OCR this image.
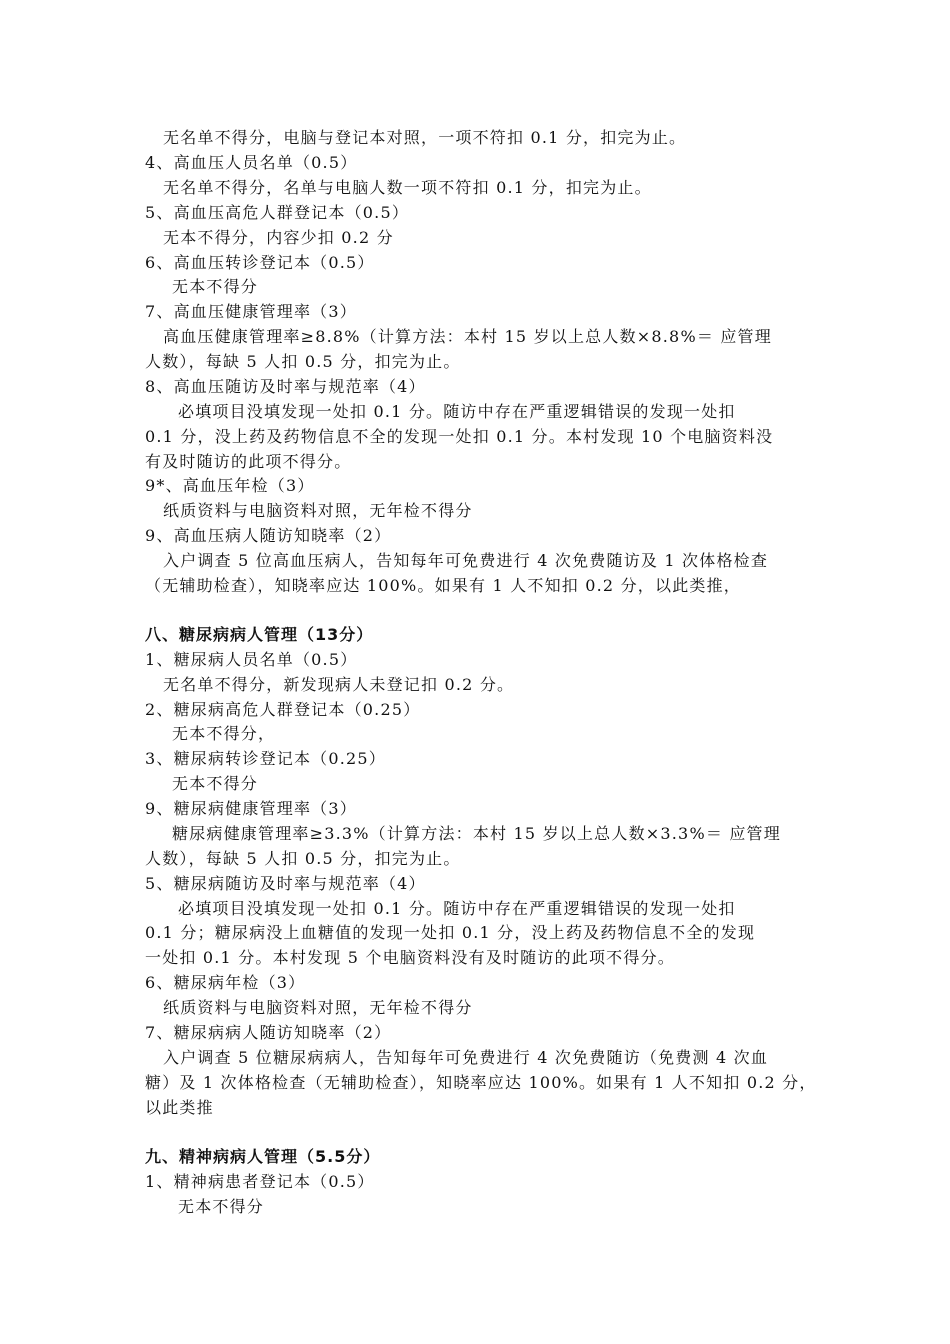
无名单不得分，电脑与登记本对照，一项不符扣 0.1 分，扣完为止。
4、高血压人员名单（0.5）
无名单不得分，名单与电脑人数一项不符扣 0.1 分，扣完为止。
5、高血压高危人群登记本（0.5）
无本不得分，内容少扣 0.2 分
6、高血压转诊登记本（0.5）
无本不得分
7、高血压健康管理率（3）
高血压健康管理率≥8.8%（计算方法：本村 15 岁以上总人数×8.8%＝ 应管理
人数），每缺 5 人扣 0.5 分，扣完为止。
8、高血压随访及时率与规范率（4）
必填项目没填发现一处扣 0.1 分。随访中存在严重逻辑错误的发现一处扣
0.1 分，没上药及药物信息不全的发现一处扣 0.1 分。本村发现 10 个电脑资料没
有及时随访的此项不得分。
9*、高血压年检（3）
纸质资料与电脑资料对照，无年检不得分
9、高血压病人随访知晓率（2）
入户调查 5 位高血压病人，告知每年可免费进行 4 次免费随访及 1 次体格检查
（无辅助检查），知晓率应达 100%。如果有 1 人不知扣 0.2 分，以此类推，
八、糖尿病病人管理（13分）
1、糖尿病人员名单（0.5）
无名单不得分，新发现病人未登记扣 0.2 分。
2、糖尿病高危人群登记本（0.25）
无本不得分，
3、糖尿病转诊登记本（0.25）
无本不得分
9、糖尿病健康管理率（3）
糖尿病健康管理率≥3.3%（计算方法：本村 15 岁以上总人数×3.3%＝ 应管理
人数），每缺 5 人扣 0.5 分，扣完为止。
5、糖尿病随访及时率与规范率（4）
必填项目没填发现一处扣 0.1 分。随访中存在严重逻辑错误的发现一处扣
0.1 分；糖尿病没上血糖值的发现一处扣 0.1 分，没上药及药物信息不全的发现
一处扣 0.1 分。本村发现 5 个电脑资料没有及时随访的此项不得分。
6、糖尿病年检（3）
纸质资料与电脑资料对照，无年检不得分
7、糖尿病病人随访知晓率（2）
入户调查 5 位糖尿病病人，告知每年可免费进行 4 次免费随访（免费测 4 次血
糖）及 1 次体格检查（无辅助检查），知晓率应达 100%。如果有 1 人不知扣 0.2 分，
以此类推
九、精神病病人管理（5.5分）
1、精神病患者登记本（0.5）
无本不得分
